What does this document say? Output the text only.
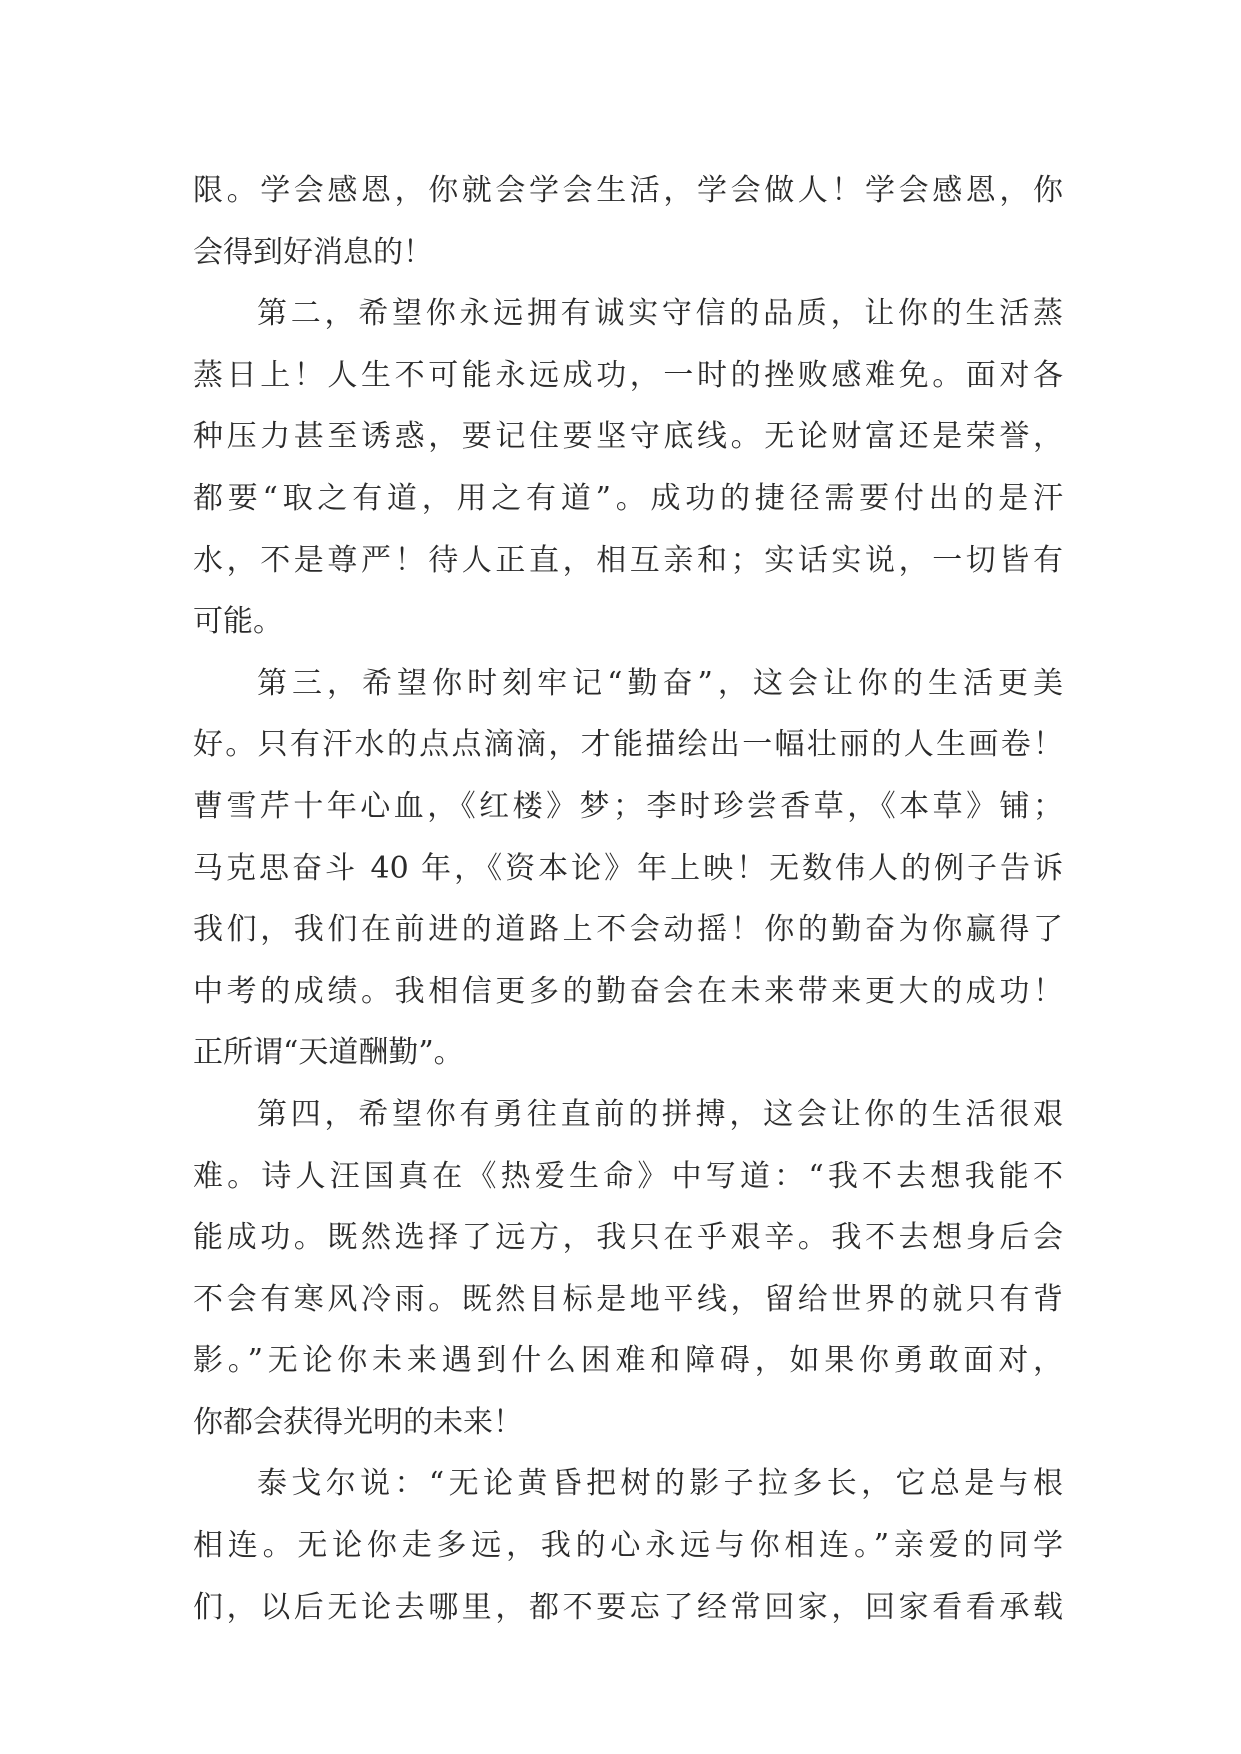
限。学会感恩，你就会学会生活，学会做人！学会感恩，你
会得到好消息的！
第二，希望你永远拥有诚实守信的品质，让你的生活蒸
蒸日上！人生不可能永远成功，一时的挫败感难免。面对各
种压力甚至诱惑，要记住要坚守底线。无论财富还是荣誉，
都要“取之有道，用之有道”。成功的捷径需要付出的是汗
水，不是尊严！待人正直，相互亲和；实话实说，一切皆有
可能。
第三，希望你时刻牢记“勤奋”，这会让你的生活更美
好。只有汗水的点点滴滴，才能描绘出一幅壮丽的人生画卷！
曹雪芹十年心血，《红楼》梦；李时珍尝香草，《本草》铺；
马克思奋斗 40 年，《资本论》年上映！无数伟人的例子告诉
我们，我们在前进的道路上不会动摇！你的勤奋为你赢得了
中考的成绩。我相信更多的勤奋会在未来带来更大的成功！
正所谓“天道酬勤”。
第四，希望你有勇往直前的拼搏，这会让你的生活很艰
难。诗人汪国真在《热爱生命》中写道：“我不去想我能不
能成功。既然选择了远方，我只在乎艰辛。我不去想身后会
不会有寒风冷雨。既然目标是地平线，留给世界的就只有背
影。”无论你未来遇到什么困难和障碍，如果你勇敢面对，
你都会获得光明的未来！
泰戈尔说：“无论黄昏把树的影子拉多长，它总是与根
相连。无论你走多远，我的心永远与你相连。”亲爱的同学
们，以后无论去哪里，都不要忘了经常回家，回家看看承载
